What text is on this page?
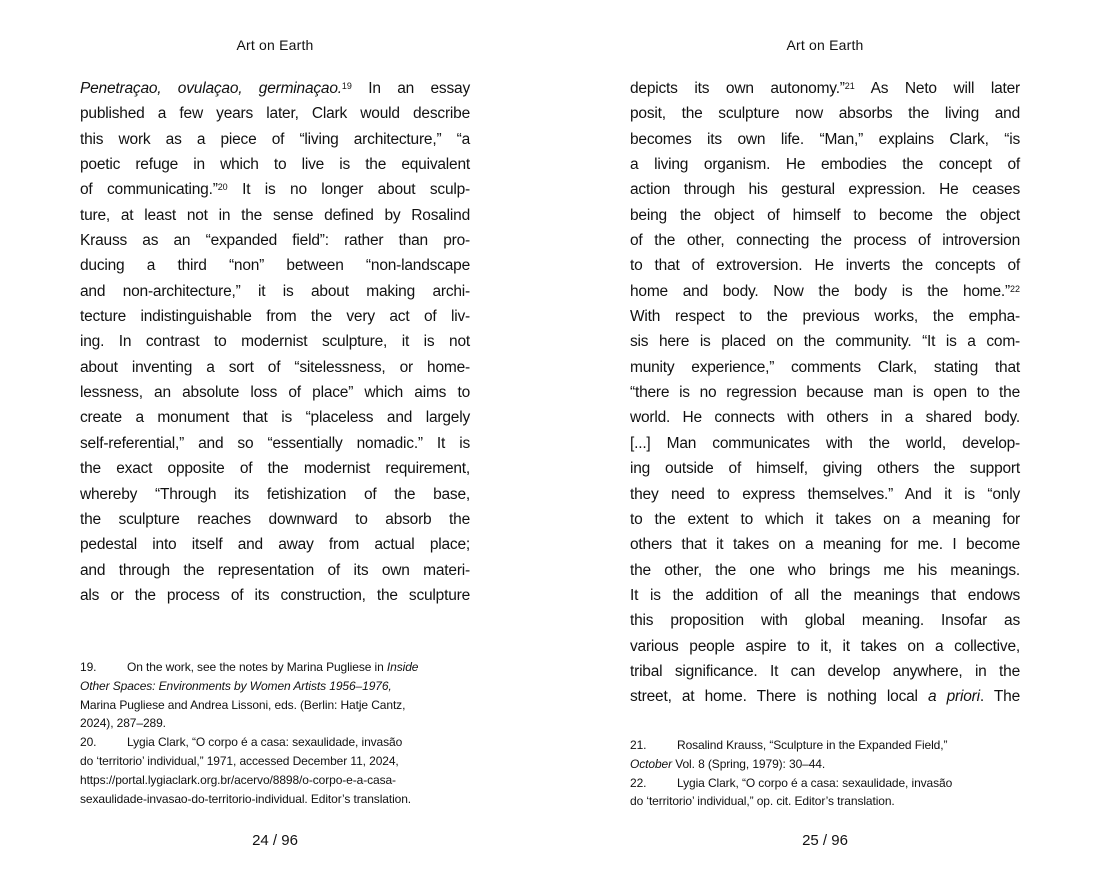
Art on Earth
Penetraçao, ovulaçao, germinaçao.$^{19}$ In an essay
published a few years later, Clark would describe
this work as a piece of “living architecture,” “a
poetic refuge in which to live is the equivalent
of communicating.”$^{20}$ It is no longer about sculp-
ture, at least not in the sense defined by Rosalind
Krauss as an “expanded field”: rather than pro-
ducing a third “non” between “non-landscape
and non-architecture,” it is about making archi-
tecture indistinguishable from the very act of liv-
ing. In contrast to modernist sculpture, it is not
about inventing a sort of “sitelessness, or home-
lessness, an absolute loss of place” which aims to
create a monument that is “placeless and largely
self-referential,” and so “essentially nomadic.” It is
the exact opposite of the modernist requirement,
whereby “Through its fetishization of the base,
the sculpture reaches downward to absorb the
pedestal into itself and away from actual place;
and through the representation of its own materi-
als or the process of its construction, the sculpture
19.	On the work, see the notes by Marina Pugliese in Inside
Other Spaces: Environments by Women Artists 1956–1976,
Marina Pugliese and Andrea Lissoni, eds. (Berlin: Hatje Cantz,
2024), 287–289.
20.	Lygia Clark, “O corpo é a casa: sexaulidade, invasão
do ‘territorio’ individual,” 1971, accessed December 11, 2024,
https://portal.lygiaclark.org.br/acervo/8898/o-corpo-e-a-casa-
sexaulidade-invasao-do-territorio-individual. Editor’s translation.
24 / 96
Art on Earth
depicts its own autonomy.”$^{21}$ As Neto will later
posit, the sculpture now absorbs the living and
becomes its own life. “Man,” explains Clark, “is
a living organism. He embodies the concept of
action through his gestural expression. He ceases
being the object of himself to become the object
of the other, connecting the process of introversion
to that of extroversion. He inverts the concepts of
home and body. Now the body is the home.”$^{22}$
With respect to the previous works, the empha-
sis here is placed on the community. “It is a com-
munity experience,” comments Clark, stating that
“there is no regression because man is open to the
world. He connects with others in a shared body.
[...] Man communicates with the world, develop-
ing outside of himself, giving others the support
they need to express themselves.” And it is “only
to the extent to which it takes on a meaning for
others that it takes on a meaning for me. I become
the other, the one who brings me his meanings.
It is the addition of all the meanings that endows
this proposition with global meaning. Insofar as
various people aspire to it, it takes on a collective,
tribal significance. It can develop anywhere, in the
street, at home. There is nothing local a priori. The
21.	Rosalind Krauss, “Sculpture in the Expanded Field,”
October Vol. 8 (Spring, 1979): 30–44.
22.	Lygia Clark, “O corpo é a casa: sexaulidade, invasão
do ‘territorio’ individual,” op. cit. Editor’s translation.
25 / 96
